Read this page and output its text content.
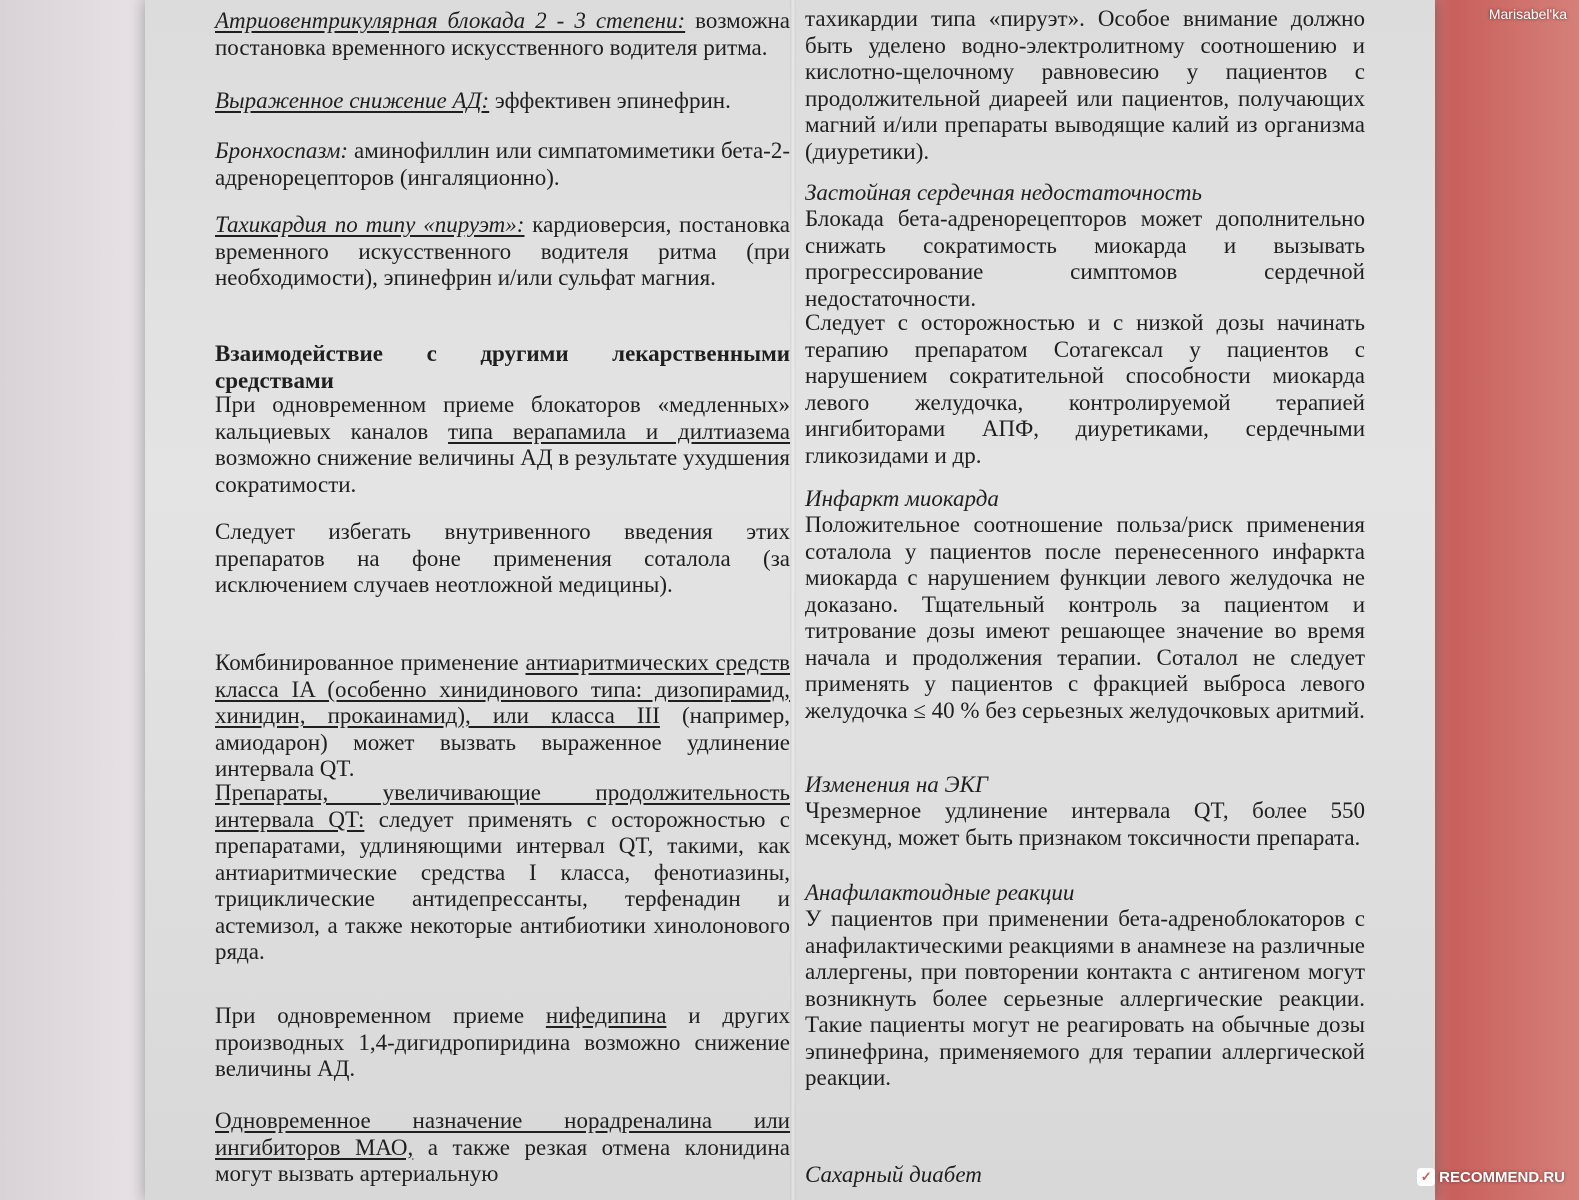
Атриовентрикулярная блокада 2 - 3 степени: возможна постановка временного искусственного водителя ритма.

Выраженное снижение АД: эффективен эпинефрин.

Бронхоспазм: аминофиллин или симпатомиметики бета-2-адренорецепторов (ингаляционно).

Тахикардия по типу «пируэт»: кардиоверсия, постановка временного искусственного водителя ритма (при необходимости), эпинефрин и/или сульфат магния.

Взаимодействие с другими лекарственными средствами

При одновременном приеме блокаторов «медленных» кальциевых каналов типа верапамила и дилтиазема возможно снижение величины АД в результате ухудшения сократимости.

Следует избегать внутривенного введения этих препаратов на фоне применения соталола (за исключением случаев неотложной медицины).

Комбинированное применение антиаритмических средств класса IA (особенно хинидинового типа: дизопирамид, хинидин, прокаинамид), или класса III (например, амиодарон) может вызвать выраженное удлинение интервала QT.

Препараты, увеличивающие продолжительность интервала QT: следует применять с осторожностью с препаратами, удлиняющими интервал QT, такими, как антиаритмические средства I класса, фенотиазины, трициклические антидепрессанты, терфенадин и астемизол, а также некоторые антибиотики хинолонового ряда.

При одновременном приеме нифедипина и других производных 1,4-дигидропиридина возможно снижение величины АД.

Одновременное назначение норадреналина или ингибиторов МАО, а также резкая отмена клонидина могут вызвать артериальную

тахикардии типа «пируэт». Особое внимание должно быть уделено водно-электролитному соотношению и кислотно-щелочному равновесию у пациентов с продолжительной диареей или пациентов, получающих магний и/или препараты выводящие калий из организма (диуретики).

Застойная сердечная недостаточность

Блокада бета-адренорецепторов может дополнительно снижать сократимость миокарда и вызывать прогрессирование симптомов сердечной недостаточности.

Следует с осторожностью и с низкой дозы начинать терапию препаратом Сотагексал у пациентов с нарушением сократительной способности миокарда левого желудочка, контролируемой терапией ингибиторами АПФ, диуретиками, сердечными гликозидами и др.

Инфаркт миокарда

Положительное соотношение польза/риск применения соталола у пациентов после перенесенного инфаркта миокарда с нарушением функции левого желудочка не доказано. Тщательный контроль за пациентом и титрование дозы имеют решающее значение во время начала и продолжения терапии. Соталол не следует применять у пациентов с фракцией выброса левого желудочка ≤ 40 % без серьезных желудочковых аритмий.

Изменения на ЭКГ

Чрезмерное удлинение интервала QT, более 550 мсекунд, может быть признаком токсичности препарата.

Анафилактоидные реакции

У пациентов при применении бета-адреноблокаторов с анафилактическими реакциями в анамнезе на различные аллергены, при повторении контакта с антигеном могут возникнуть более серьезные аллергические реакции. Такие пациенты могут не реагировать на обычные дозы эпинефрина, применяемого для терапии аллергической реакции.

Сахарный диабет

Marisabel'ka
✓ RECOMMEND.RU
